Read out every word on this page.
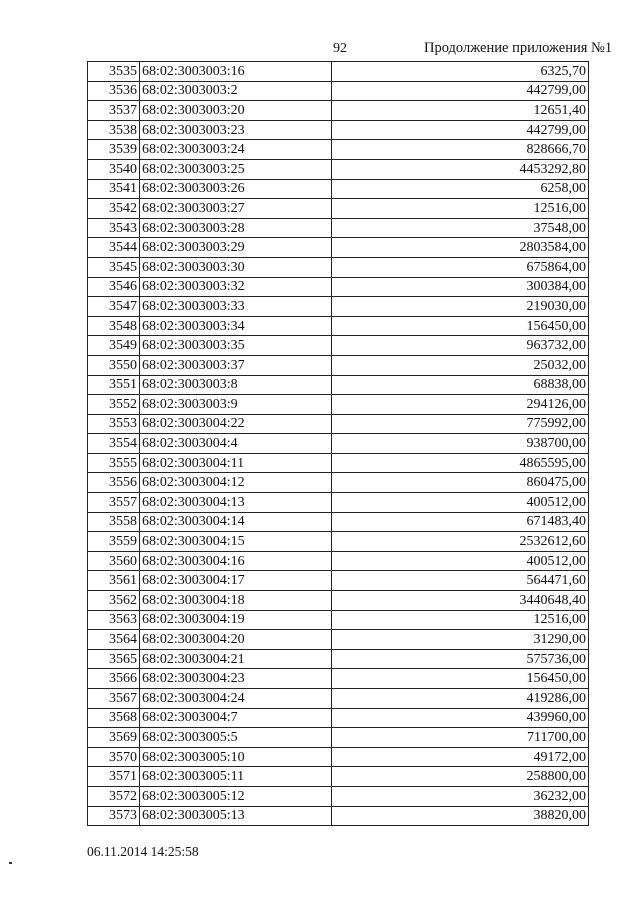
92	Продолжение приложения №1
3535	68:02:3003003:16	6325,70
3536	68:02:3003003:2	442799,00
3537	68:02:3003003:20	12651,40
3538	68:02:3003003:23	442799,00
3539	68:02:3003003:24	828666,70
3540	68:02:3003003:25	4453292,80
3541	68:02:3003003:26	6258,00
3542	68:02:3003003:27	12516,00
3543	68:02:3003003:28	37548,00
3544	68:02:3003003:29	2803584,00
3545	68:02:3003003:30	675864,00
3546	68:02:3003003:32	300384,00
3547	68:02:3003003:33	219030,00
3548	68:02:3003003:34	156450,00
3549	68:02:3003003:35	963732,00
3550	68:02:3003003:37	25032,00
3551	68:02:3003003:8	68838,00
3552	68:02:3003003:9	294126,00
3553	68:02:3003004:22	775992,00
3554	68:02:3003004:4	938700,00
3555	68:02:3003004:11	4865595,00
3556	68:02:3003004:12	860475,00
3557	68:02:3003004:13	400512,00
3558	68:02:3003004:14	671483,40
3559	68:02:3003004:15	2532612,60
3560	68:02:3003004:16	400512,00
3561	68:02:3003004:17	564471,60
3562	68:02:3003004:18	3440648,40
3563	68:02:3003004:19	12516,00
3564	68:02:3003004:20	31290,00
3565	68:02:3003004:21	575736,00
3566	68:02:3003004:23	156450,00
3567	68:02:3003004:24	419286,00
3568	68:02:3003004:7	439960,00
3569	68:02:3003005:5	711700,00
3570	68:02:3003005:10	49172,00
3571	68:02:3003005:11	258800,00
3572	68:02:3003005:12	36232,00
3573	68:02:3003005:13	38820,00
06.11.2014 14:25:58
